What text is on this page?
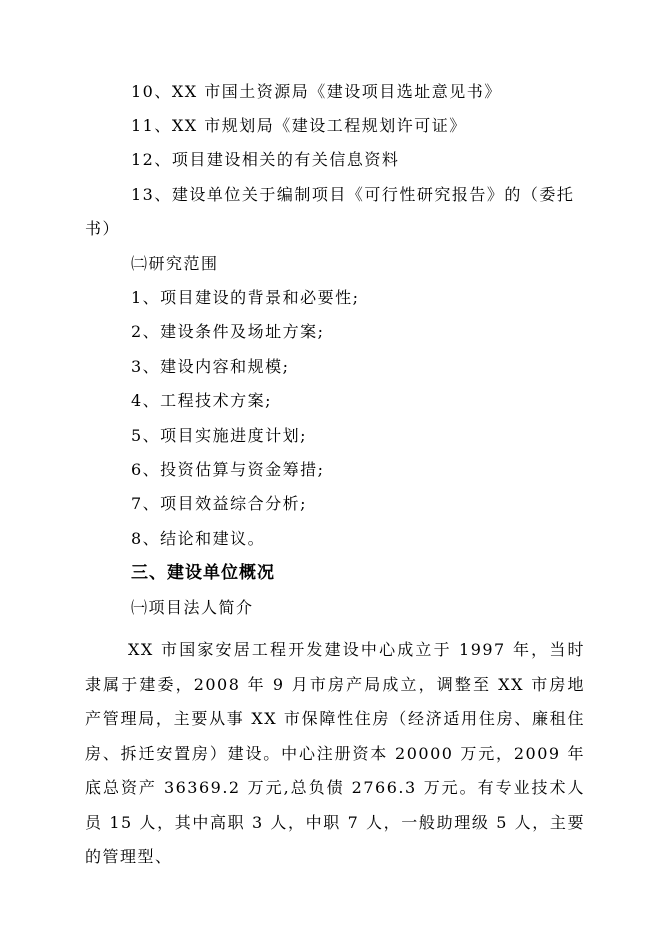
10、XX 市国土资源局《建设项目选址意见书》
11、XX 市规划局《建设工程规划许可证》
12、项目建设相关的有关信息资料
13、建设单位关于编制项目《可行性研究报告》的（委托
书）
㈡研究范围
1、项目建设的背景和必要性;
2、建设条件及场址方案;
3、建设内容和规模;
4、工程技术方案;
5、项目实施进度计划;
6、投资估算与资金筹措;
7、项目效益综合分析;
8、结论和建议。
三、建设单位概况
㈠项目法人简介
XX 市国家安居工程开发建设中心成立于 1997 年，当时隶属于建委，2008 年 9 月市房产局成立，调整至 XX 市房地产管理局，主要从事 XX 市保障性住房（经济适用住房、廉租住房、拆迁安置房）建设。中心注册资本 20000 万元，2009 年底总资产 36369.2 万元,总负债 2766.3 万元。有专业技术人员 15 人，其中高职 3 人，中职 7 人，一般助理级 5 人，主要的管理型、
